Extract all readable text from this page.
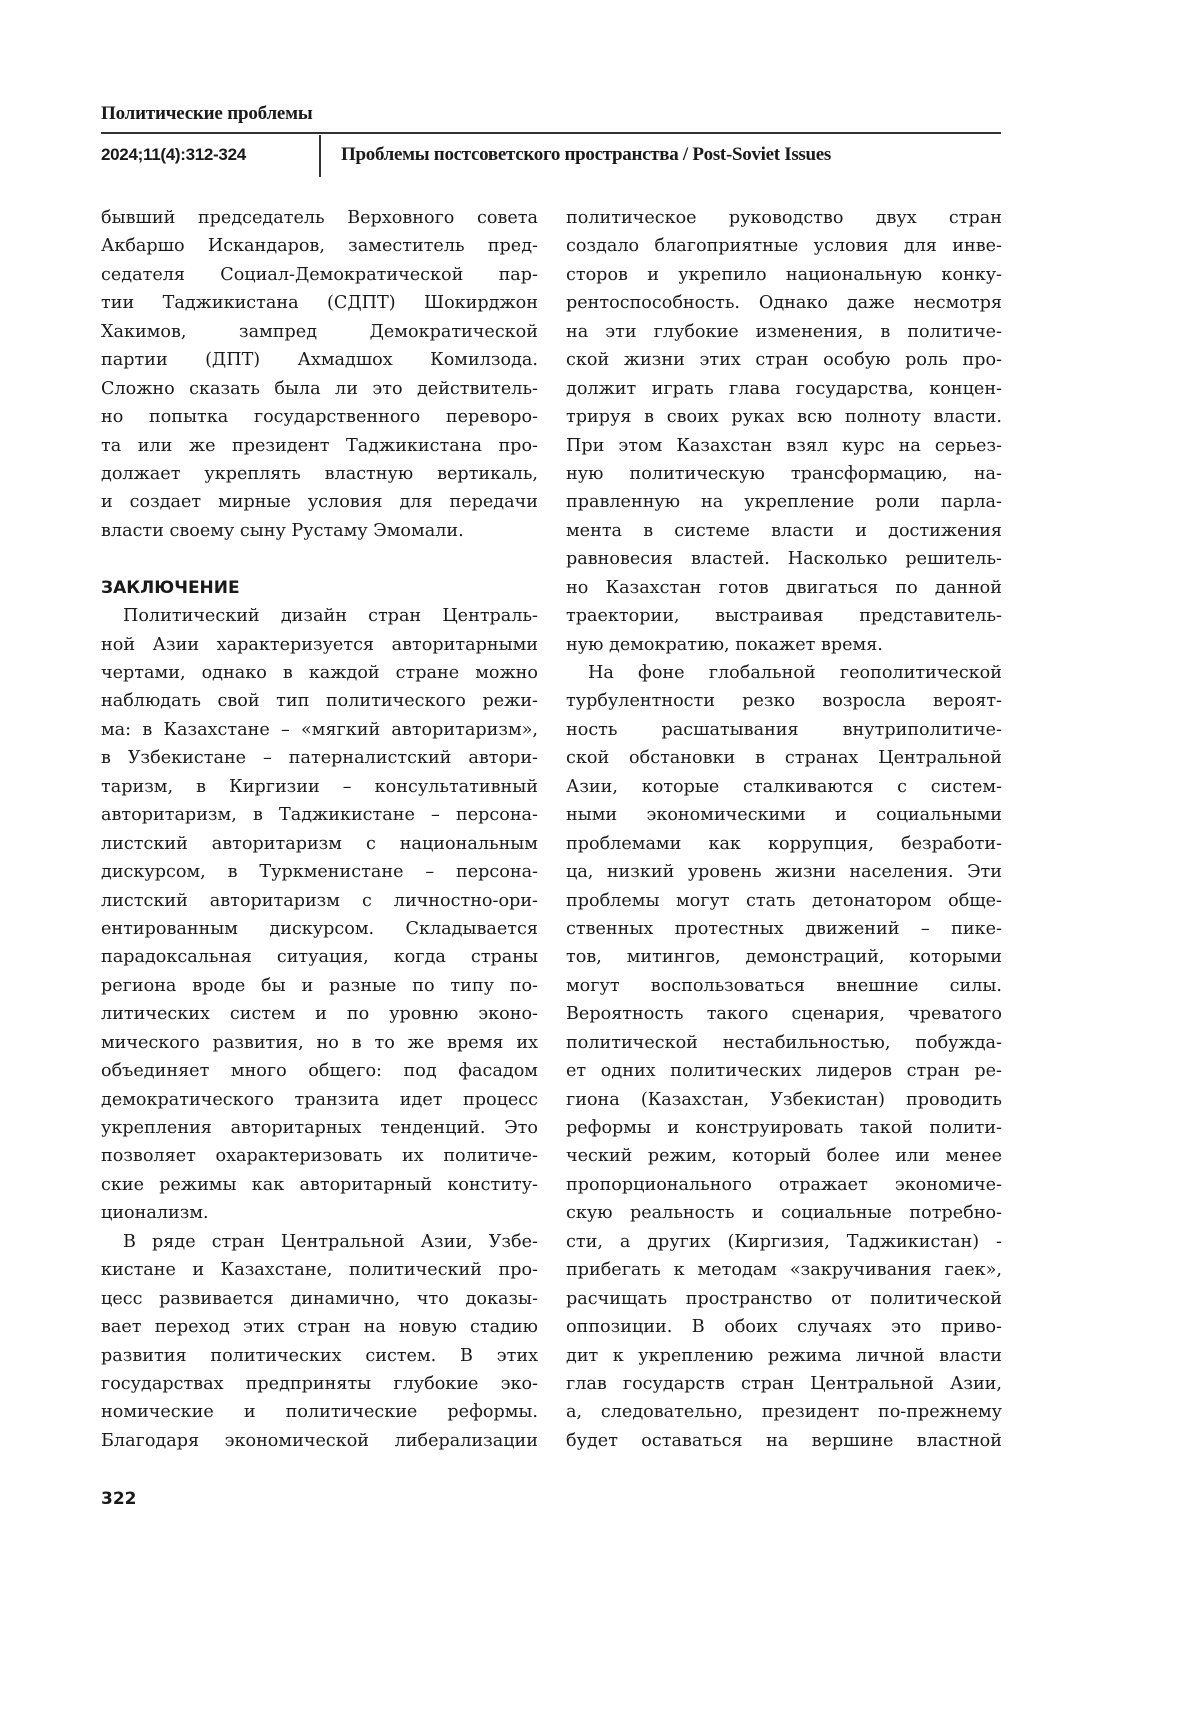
Политические проблемы
2024;11(4):312-324	Проблемы постсоветского пространства / Post-Soviet Issues
бывший председатель Верховного совета
Акбаршо Искандаров, заместитель пред-
седателя Социал-Демократической пар-
тии Таджикистана (СДПТ) Шокирджон
Хакимов, зампред Демократической
партии (ДПТ) Ахмадшох Комилзода.
Сложно сказать была ли это действитель-
но попытка государственного переворо-
та или же президент Таджикистана про-
должает укреплять властную вертикаль,
и создает мирные условия для передачи
власти своему сыну Рустаму Эмомали.
ЗАКЛЮЧЕНИЕ
Политический дизайн стран Централь-
ной Азии характеризуется авторитарными
чертами, однако в каждой стране можно
наблюдать свой тип политического режи-
ма: в Казахстане – «мягкий авторитаризм»,
в Узбекистане – патерналистский автори-
таризм, в Киргизии – консультативный
авторитаризм, в Таджикистане – персона-
листский авторитаризм с национальным
дискурсом, в Туркменистане – персона-
листский авторитаризм с личностно-ори-
ентированным дискурсом. Складывается
парадоксальная ситуация, когда страны
региона вроде бы и разные по типу по-
литических систем и по уровню эконо-
мического развития, но в то же время их
объединяет много общего: под фасадом
демократического транзита идет процесс
укрепления авторитарных тенденций. Это
позволяет охарактеризовать их политиче-
ские режимы как авторитарный конститу-
ционализм.
В ряде стран Центральной Азии, Узбе-
кистане и Казахстане, политический про-
цесс развивается динамично, что доказы-
вает переход этих стран на новую стадию
развития политических систем. В этих
государствах предприняты глубокие эко-
номические и политические реформы.
Благодаря экономической либерализации
политическое руководство двух стран
создало благоприятные условия для инве-
сторов и укрепило национальную конку-
рентоспособность. Однако даже несмотря
на эти глубокие изменения, в политиче-
ской жизни этих стран особую роль про-
должит играть глава государства, концен-
трируя в своих руках всю полноту власти.
При этом Казахстан взял курс на серьез-
ную политическую трансформацию, на-
правленную на укрепление роли парла-
мента в системе власти и достижения
равновесия властей. Насколько решитель-
но Казахстан готов двигаться по данной
траектории, выстраивая представитель-
ную демократию, покажет время.
На фоне глобальной геополитической
турбулентности резко возросла вероят-
ность расшатывания внутриполитиче-
ской обстановки в странах Центральной
Азии, которые сталкиваются с систем-
ными экономическими и социальными
проблемами как коррупция, безработи-
ца, низкий уровень жизни населения. Эти
проблемы могут стать детонатором обще-
ственных протестных движений – пике-
тов, митингов, демонстраций, которыми
могут воспользоваться внешние силы.
Вероятность такого сценария, чреватого
политической нестабильностью, побужда-
ет одних политических лидеров стран ре-
гиона (Казахстан, Узбекистан) проводить
реформы и конструировать такой полити-
ческий режим, который более или менее
пропорционального отражает экономиче-
скую реальность и социальные потребно-
сти, а других (Киргизия, Таджикистан) -
прибегать к методам «закручивания гаек»,
расчищать пространство от политической
оппозиции. В обоих случаях это приво-
дит к укреплению режима личной власти
глав государств стран Центральной Азии,
а, следовательно, президент по-прежнему
будет оставаться на вершине властной
322
